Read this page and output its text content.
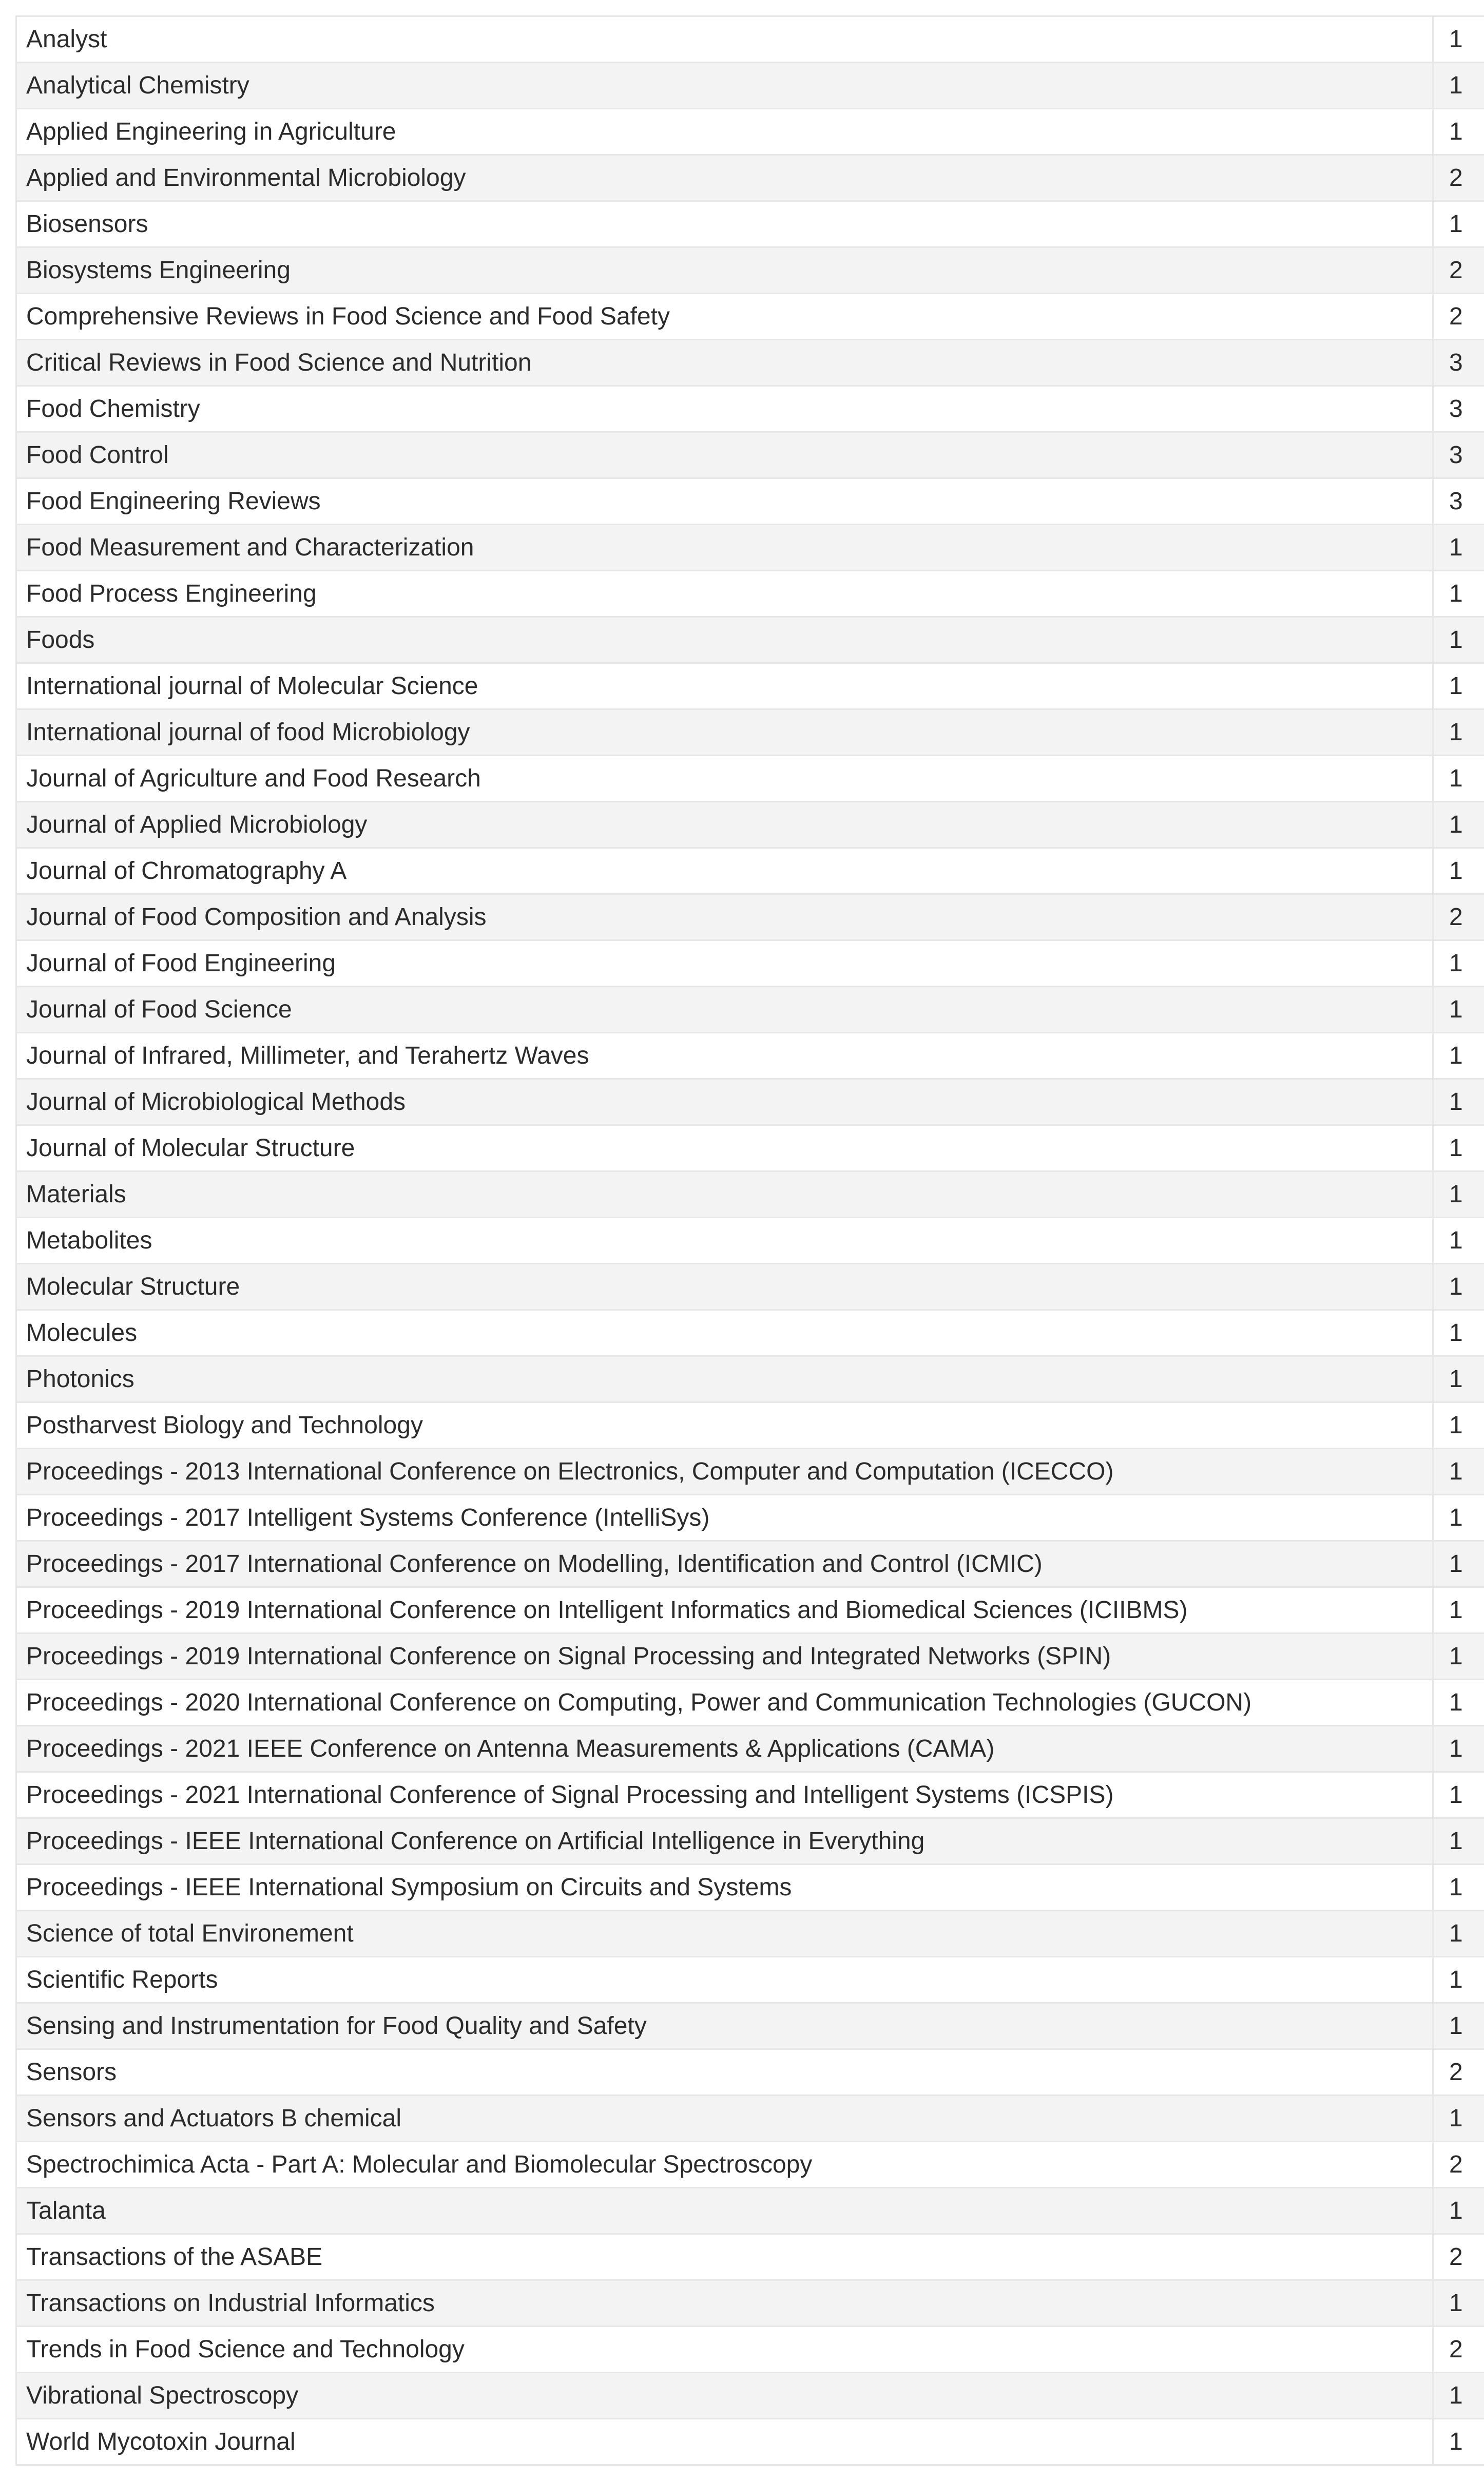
Analyst	1
Analytical Chemistry	1
Applied Engineering in Agriculture	1
Applied and Environmental Microbiology	2
Biosensors	1
Biosystems Engineering	2
Comprehensive Reviews in Food Science and Food Safety	2
Critical Reviews in Food Science and Nutrition	3
Food Chemistry	3
Food Control	3
Food Engineering Reviews	3
Food Measurement and Characterization	1
Food Process Engineering	1
Foods	1
International journal of Molecular Science	1
International journal of food Microbiology	1
Journal of Agriculture and Food Research	1
Journal of Applied Microbiology	1
Journal of Chromatography A	1
Journal of Food Composition and Analysis	2
Journal of Food Engineering	1
Journal of Food Science	1
Journal of Infrared, Millimeter, and Terahertz Waves	1
Journal of Microbiological Methods	1
Journal of Molecular Structure	1
Materials	1
Metabolites	1
Molecular Structure	1
Molecules	1
Photonics	1
Postharvest Biology and Technology	1
Proceedings - 2013 International Conference on Electronics, Computer and Computation (ICECCO)	1
Proceedings - 2017 Intelligent Systems Conference (IntelliSys)	1
Proceedings - 2017 International Conference on Modelling, Identification and Control (ICMIC)	1
Proceedings - 2019 International Conference on Intelligent Informatics and Biomedical Sciences (ICIIBMS)	1
Proceedings - 2019 International Conference on Signal Processing and Integrated Networks (SPIN)	1
Proceedings - 2020 International Conference on Computing, Power and Communication Technologies (GUCON)	1
Proceedings - 2021 IEEE Conference on Antenna Measurements & Applications (CAMA)	1
Proceedings - 2021 International Conference of Signal Processing and Intelligent Systems (ICSPIS)	1
Proceedings - IEEE International Conference on Artificial Intelligence in Everything	1
Proceedings - IEEE International Symposium on Circuits and Systems	1
Science of total Environement	1
Scientific Reports	1
Sensing and Instrumentation for Food Quality and Safety	1
Sensors	2
Sensors and Actuators B chemical	1
Spectrochimica Acta - Part A: Molecular and Biomolecular Spectroscopy	2
Talanta	1
Transactions of the ASABE	2
Transactions on Industrial Informatics	1
Trends in Food Science and Technology	2
Vibrational Spectroscopy	1
World Mycotoxin Journal	1
